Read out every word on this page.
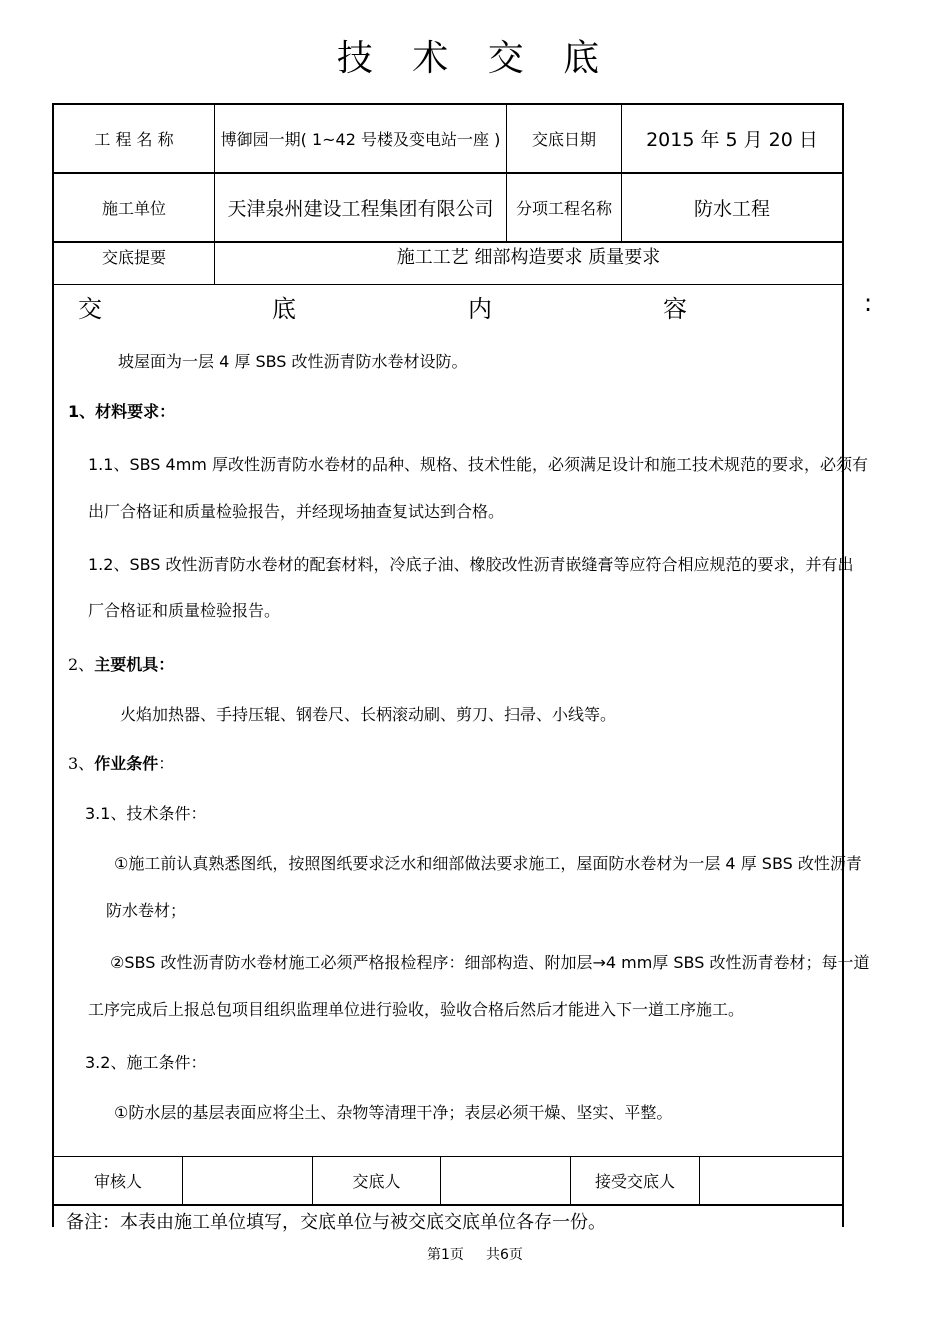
技 术 交 底
工 程 名 称	博御园一期( 1~42 号楼及变电站一座 )	交底日期	2015 年 5 月 20 日
施工单位	天津泉州建设工程集团有限公司	分项工程名称	防水工程
交底提要	施工工艺 细部构造要求 质量要求
交	底	内	容	:
坡屋面为一层 4 厚 SBS 改性沥青防水卷材设防。
1、材料要求：
1.1、SBS 4mm 厚改性沥青防水卷材的品种、规格、技术性能，必须满足设计和施工技术规范的要求，必须有
出厂合格证和质量检验报告，并经现场抽查复试达到合格。
1.2、SBS 改性沥青防水卷材的配套材料，冷底子油、橡胶改性沥青嵌缝膏等应符合相应规范的要求，并有出
厂合格证和质量检验报告。
2、主要机具：
火焰加热器、手持压辊、钢卷尺、长柄滚动刷、剪刀、扫帚、小线等。
3、作业条件：
3.1、技术条件：
①施工前认真熟悉图纸，按照图纸要求泛水和细部做法要求施工，屋面防水卷材为一层 4 厚 SBS 改性沥青
防水卷材；
②SBS 改性沥青防水卷材施工必须严格报检程序：细部构造、附加层→4 mm厚 SBS 改性沥青卷材；每一道
工序完成后上报总包项目组织监理单位进行验收，验收合格后然后才能进入下一道工序施工。
3.2、施工条件：
①防水层的基层表面应将尘土、杂物等清理干净；表层必须干燥、坚实、平整。
审核人	交底人	接受交底人
备注：本表由施工单位填写，交底单位与被交底交底单位各存一份。
第1页 共6页
